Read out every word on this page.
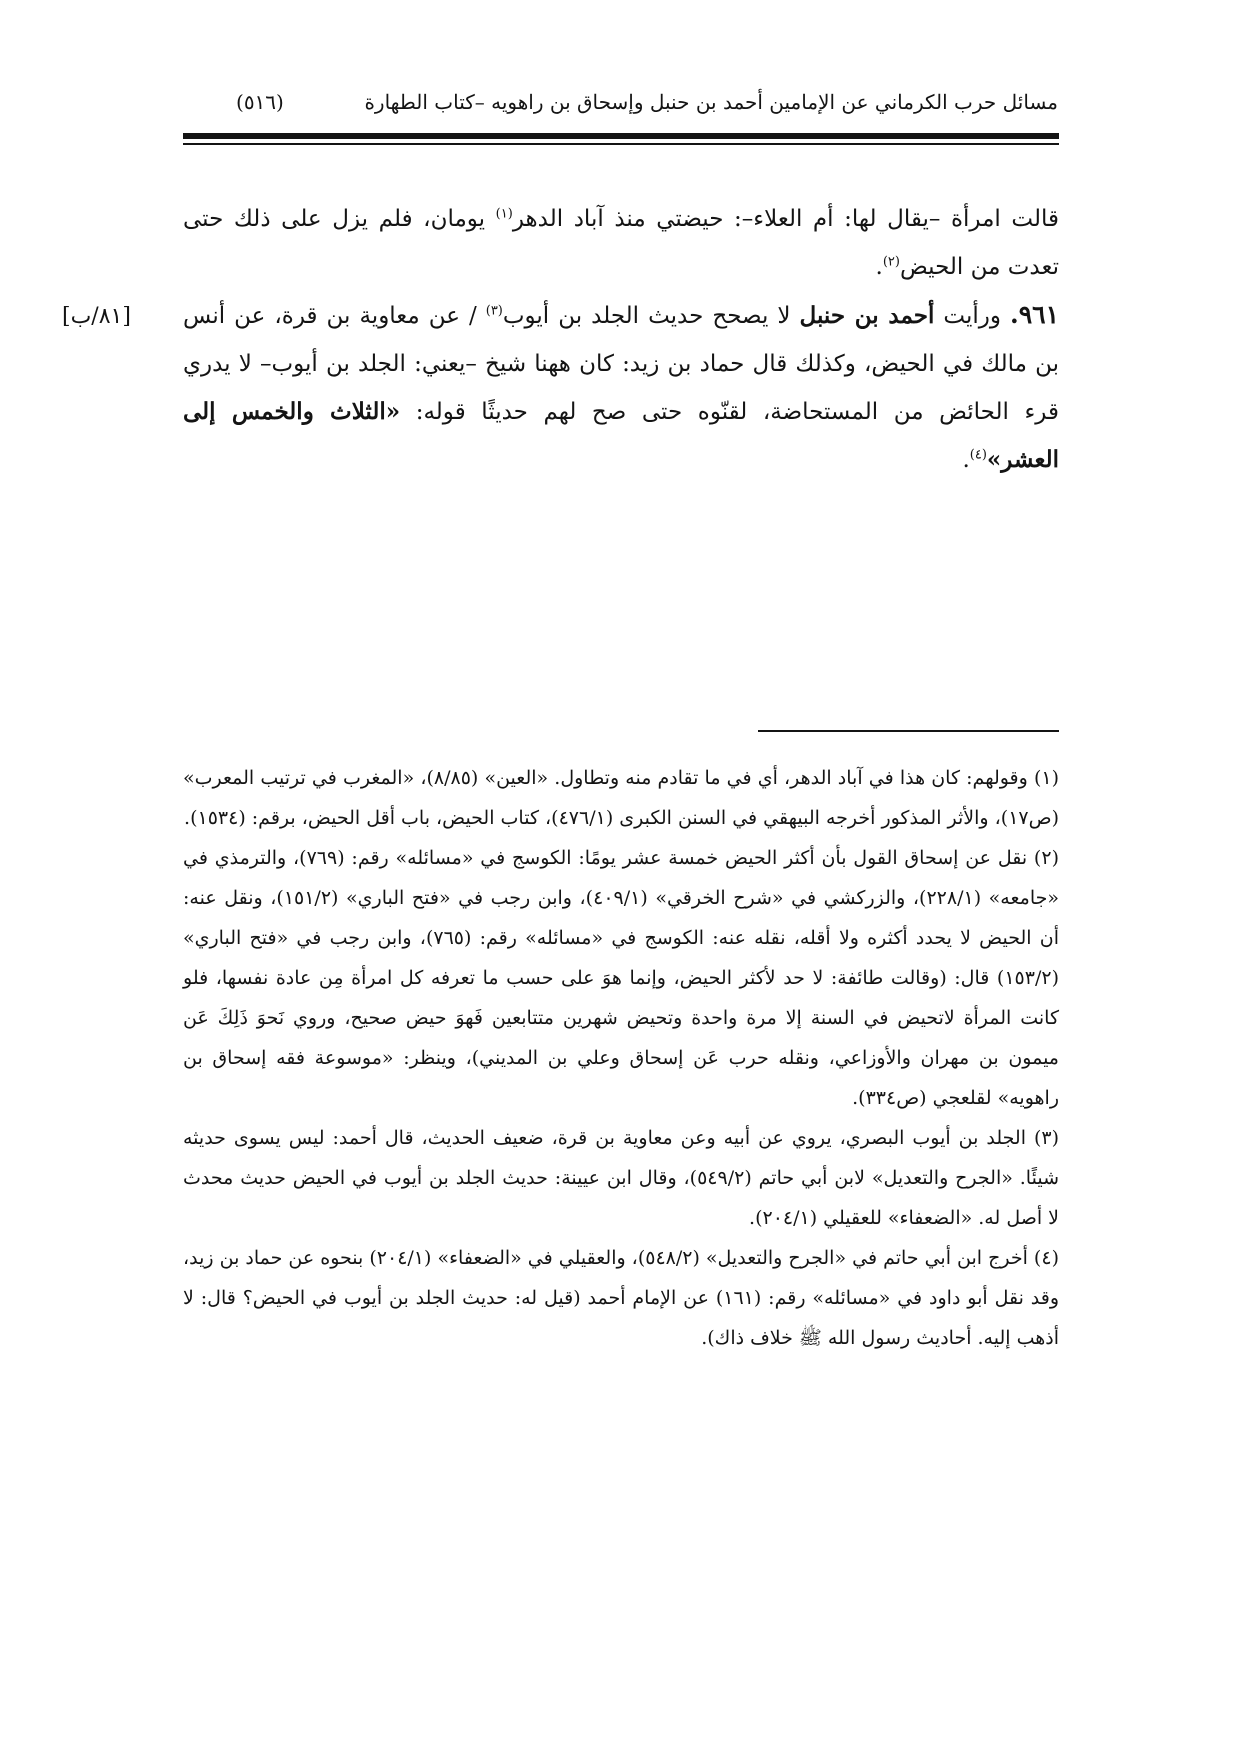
مسائل حرب الكرماني عن الإمامين أحمد بن حنبل وإسحاق بن راهويه –كتاب الطهارة
(٥١٦)
[٨١/ب]

قالت امرأة –يقال لها: أم العلاء–: حيضتي منذ آباد الدهر$^{(١)}$ يومان، فلم يزل على ذلك حتى تعدت من الحيض$^{(٢)}$.

٩٦١. ورأيت أحمد بن حنبل لا يصحح حديث الجلد بن أيوب$^{(٣)}$ / عن معاوية بن قرة، عن أنس بن مالك في الحيض، وكذلك قال حماد بن زيد: كان ههنا شيخ –يعني: الجلد بن أيوب– لا يدري قرء الحائض من المستحاضة، لقنّوه حتى صح لهم حديثًا قوله: «الثلاث والخمس إلى العشر»$^{(٤)}$.

(١) وقولهم: كان هذا في آباد الدهر، أي في ما تقادم منه وتطاول. «العين» (٨/٨٥)، «المغرب في ترتيب المعرب» (ص١٧)، والأثر المذكور أخرجه البيهقي في السنن الكبرى (٤٧٦/١)، كتاب الحيض، باب أقل الحيض، برقم: (١٥٣٤).

(٢) نقل عن إسحاق القول بأن أكثر الحيض خمسة عشر يومًا: الكوسج في «مسائله» رقم: (٧٦٩)، والترمذي في «جامعه» (٢٢٨/١)، والزركشي في «شرح الخرقي» (٤٠٩/١)، وابن رجب في «فتح الباري» (١٥١/٢)، ونقل عنه: أن الحيض لا يحدد أكثره ولا أقله، نقله عنه: الكوسج في «مسائله» رقم: (٧٦٥)، وابن رجب في «فتح الباري» (١٥٣/٢) قال: (وقالت طائفة: لا حد لأكثر الحيض، وإنما هوَ على حسب ما تعرفه كل امرأة مِن عادة نفسها، فلو كانت المرأة لاتحيض في السنة إلا مرة واحدة وتحيض شهرين متتابعين فَهوَ حيض صحيح، وروي نَحوَ ذَلِكَ عَن ميمون بن مهران والأوزاعي، ونقله حرب عَن إسحاق وعلي بن المديني)، وينظر: «موسوعة فقه إسحاق بن راهويه» لقلعجي (ص٣٣٤).

(٣) الجلد بن أيوب البصري، يروي عن أبيه وعن معاوية بن قرة، ضعيف الحديث، قال أحمد: ليس يسوى حديثه شيئًا. «الجرح والتعديل» لابن أبي حاتم (٥٤٩/٢)، وقال ابن عيينة: حديث الجلد بن أيوب في الحيض حديث محدث لا أصل له. «الضعفاء» للعقيلي (٢٠٤/١).

(٤) أخرج ابن أبي حاتم في «الجرح والتعديل» (٥٤٨/٢)، والعقيلي في «الضعفاء» (٢٠٤/١) بنحوه عن حماد بن زيد، وقد نقل أبو داود في «مسائله» رقم: (١٦١) عن الإمام أحمد (قيل له: حديث الجلد بن أيوب في الحيض؟ قال: لا أذهب إليه. أحاديث رسول الله ﷺ خلاف ذاك).
